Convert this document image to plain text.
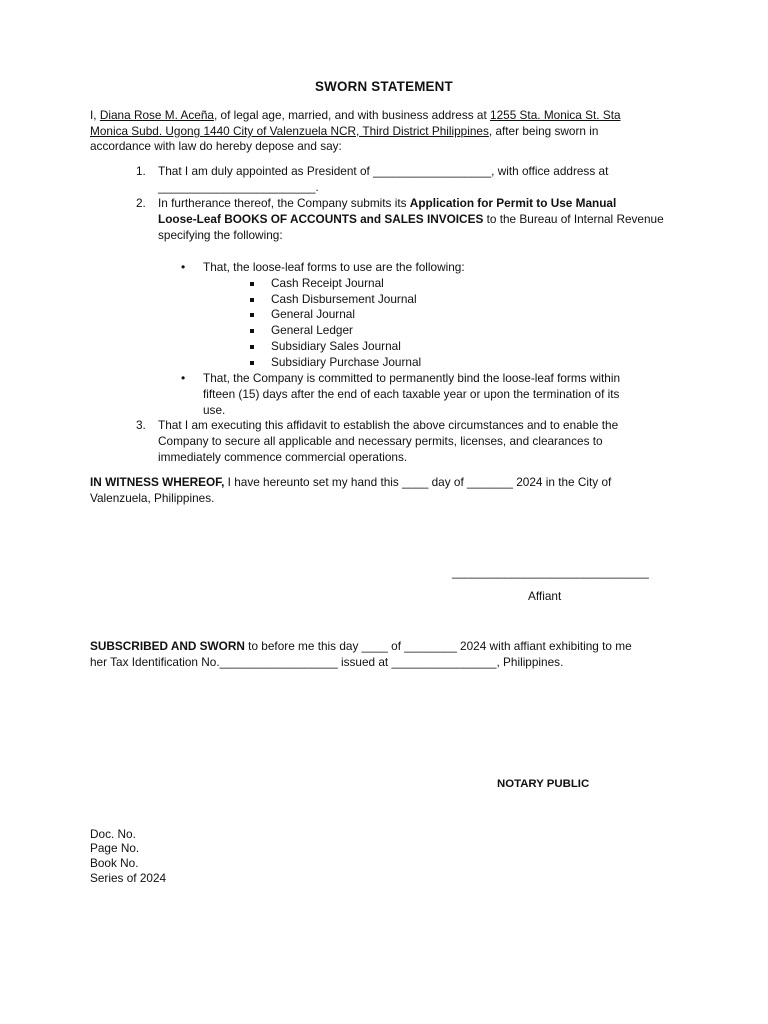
SWORN STATEMENT
I, Diana Rose M. Aceña, of legal age, married, and with business address at 1255 Sta. Monica St. Sta
Monica Subd. Ugong 1440 City of Valenzuela NCR, Third District Philippines, after being sworn in
accordance with law do hereby depose and say:
1. That I am duly appointed as President of __________________, with office address at
________________________.
2. In furtherance thereof, the Company submits its Application for Permit to Use Manual
Loose-Leaf BOOKS OF ACCOUNTS and SALES INVOICES to the Bureau of Internal Revenue
specifying the following:
• That, the loose-leaf forms to use are the following:
Cash Receipt Journal
Cash Disbursement Journal
General Journal
General Ledger
Subsidiary Sales Journal
Subsidiary Purchase Journal
• That, the Company is committed to permanently bind the loose-leaf forms within
fifteen (15) days after the end of each taxable year or upon the termination of its
use.
3. That I am executing this affidavit to establish the above circumstances and to enable the
Company to secure all applicable and necessary permits, licenses, and clearances to
immediately commence commercial operations.
IN WITNESS WHEREOF, I have hereunto set my hand this ____ day of _______ 2024 in the City of
Valenzuela, Philippines.
______________________________
Affiant
SUBSCRIBED AND SWORN to before me this day ____ of ________ 2024 with affiant exhibiting to me
her Tax Identification No.__________________ issued at ________________, Philippines.
NOTARY PUBLIC
Doc. No.
Page No.
Book No.
Series of 2024
